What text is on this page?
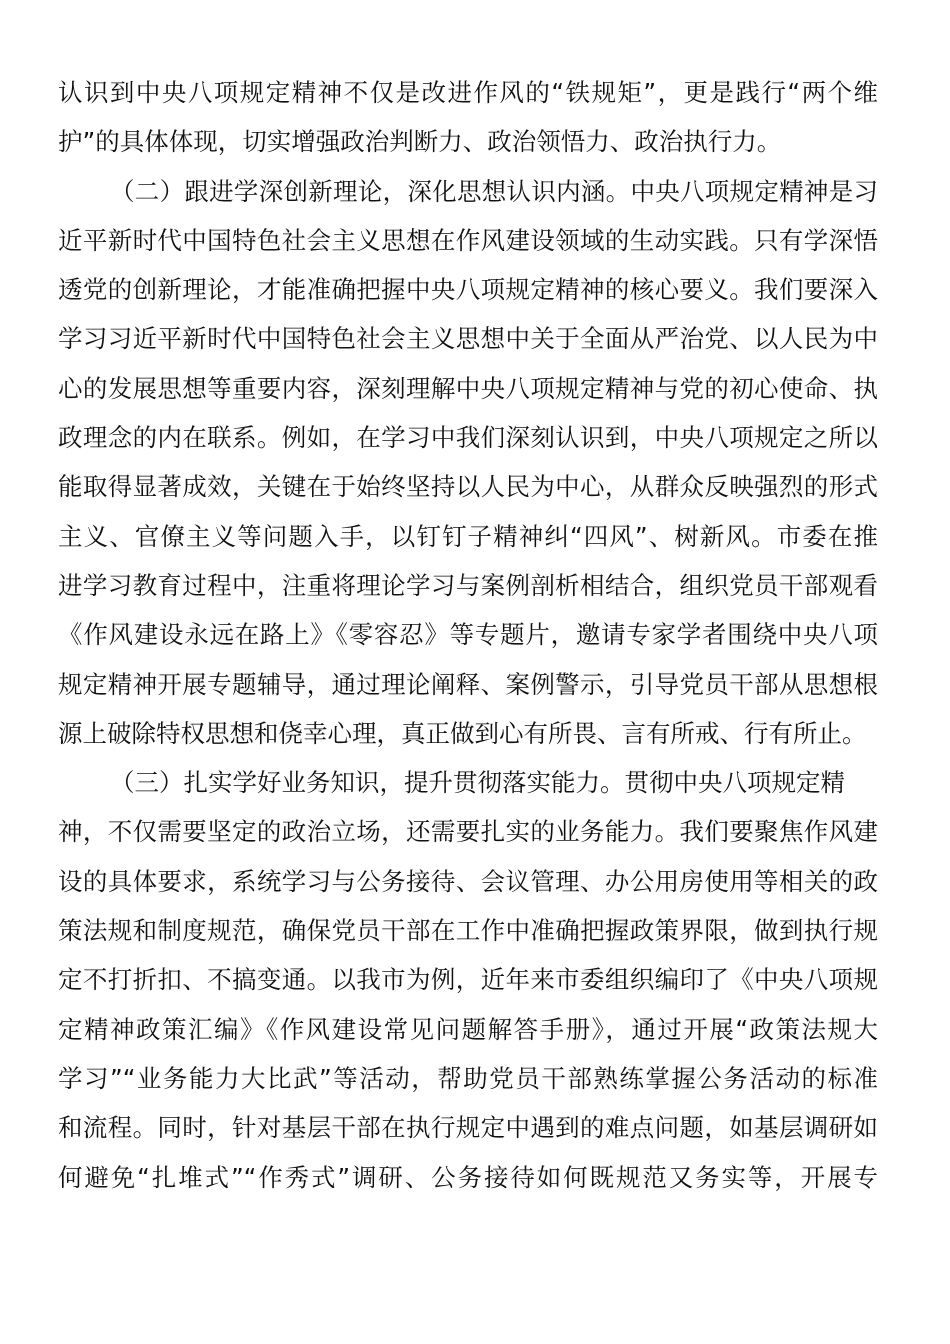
认识到中央八项规定精神不仅是改进作风的“铁规矩”，更是践行“两个维
护”的具体体现，切实增强政治判断力、政治领悟力、政治执行力。
（二）跟进学深创新理论，深化思想认识内涵。中央八项规定精神是习
近平新时代中国特色社会主义思想在作风建设领域的生动实践。只有学深悟
透党的创新理论，才能准确把握中央八项规定精神的核心要义。我们要深入
学习习近平新时代中国特色社会主义思想中关于全面从严治党、以人民为中
心的发展思想等重要内容，深刻理解中央八项规定精神与党的初心使命、执
政理念的内在联系。例如，在学习中我们深刻认识到，中央八项规定之所以
能取得显著成效，关键在于始终坚持以人民为中心，从群众反映强烈的形式
主义、官僚主义等问题入手，以钉钉子精神纠“四风”、树新风。市委在推
进学习教育过程中，注重将理论学习与案例剖析相结合，组织党员干部观看
《作风建设永远在路上》《零容忍》等专题片，邀请专家学者围绕中央八项
规定精神开展专题辅导，通过理论阐释、案例警示，引导党员干部从思想根
源上破除特权思想和侥幸心理，真正做到心有所畏、言有所戒、行有所止。
（三）扎实学好业务知识，提升贯彻落实能力。贯彻中央八项规定精
神，不仅需要坚定的政治立场，还需要扎实的业务能力。我们要聚焦作风建
设的具体要求，系统学习与公务接待、会议管理、办公用房使用等相关的政
策法规和制度规范，确保党员干部在工作中准确把握政策界限，做到执行规
定不打折扣、不搞变通。以我市为例，近年来市委组织编印了《中央八项规
定精神政策汇编》《作风建设常见问题解答手册》，通过开展“政策法规大
学习”“业务能力大比武”等活动，帮助党员干部熟练掌握公务活动的标准
和流程。同时，针对基层干部在执行规定中遇到的难点问题，如基层调研如
何避免“扎堆式”“作秀式”调研、公务接待如何既规范又务实等，开展专
